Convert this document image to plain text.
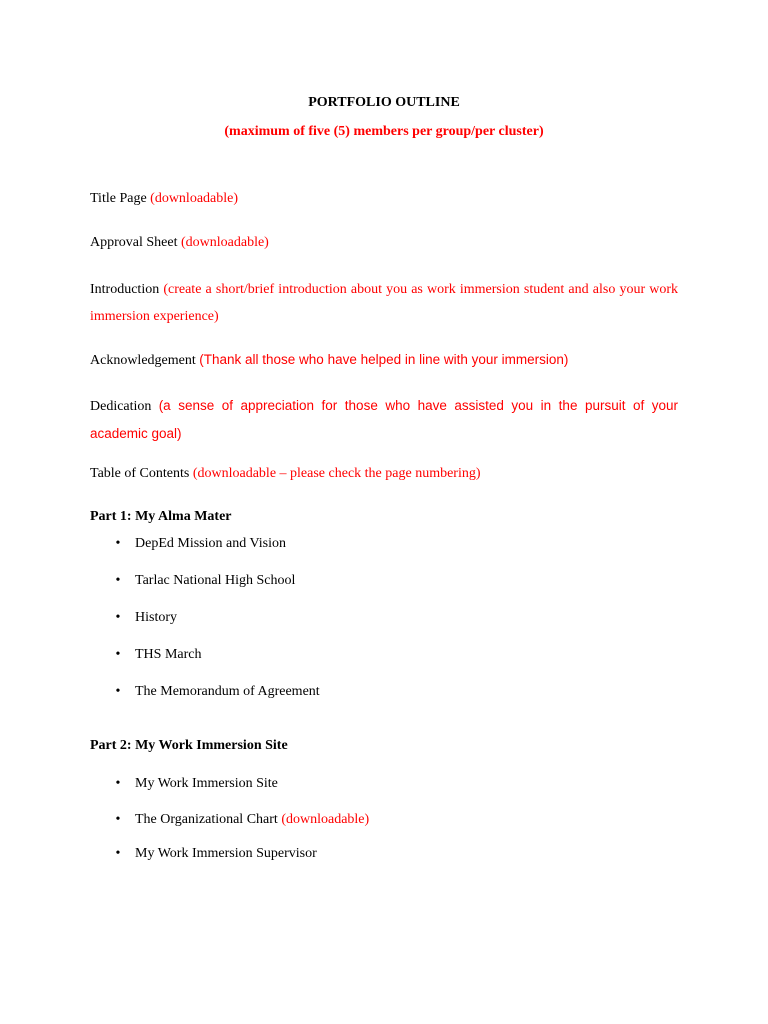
PORTFOLIO OUTLINE
(maximum of five (5) members per group/per cluster)
Title Page (downloadable)
Approval Sheet (downloadable)
Introduction (create a short/brief introduction about you as work immersion student and also your work immersion experience)
Acknowledgement (Thank all those who have helped in line with your immersion)
Dedication (a sense of appreciation for those who have assisted you in the pursuit of your academic goal)
Table of Contents (downloadable – please check the page numbering)
Part 1: My Alma Mater
• DepEd Mission and Vision
• Tarlac National High School
• History
• THS March
• The Memorandum of Agreement
Part 2: My Work Immersion Site
• My Work Immersion Site
• The Organizational Chart (downloadable)
• My Work Immersion Supervisor
